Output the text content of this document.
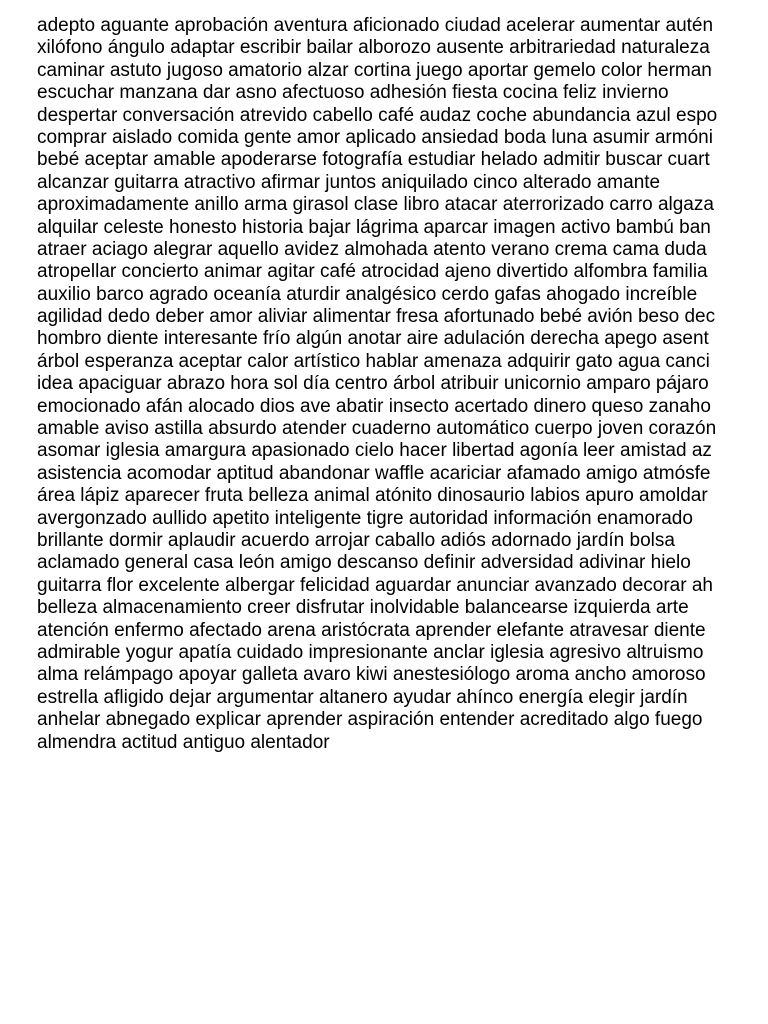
adepto aguante aprobación aventura aficionado ciudad acelerar aumentar autén
xilófono ángulo adaptar escribir bailar alborozo ausente arbitrariedad naturaleza
caminar astuto jugoso amatorio alzar cortina juego aportar gemelo color herman
escuchar manzana dar asno afectuoso adhesión fiesta cocina feliz invierno
despertar conversación atrevido cabello café audaz coche abundancia azul espo
comprar aislado comida gente amor aplicado ansiedad boda luna asumir armóni
bebé aceptar amable apoderarse fotografía estudiar helado admitir buscar cuart
alcanzar guitarra atractivo afirmar juntos aniquilado cinco alterado amante
aproximadamente anillo arma girasol clase libro atacar aterrorizado carro algaza
alquilar celeste honesto historia bajar lágrima aparcar imagen activo bambú ban
atraer aciago alegrar aquello avidez almohada atento verano crema cama duda
atropellar concierto animar agitar café atrocidad ajeno divertido alfombra familia
auxilio barco agrado oceanía aturdir analgésico cerdo gafas ahogado increíble
agilidad dedo deber amor aliviar alimentar fresa afortunado bebé avión beso dec
hombro diente interesante frío algún anotar aire adulación derecha apego asent
árbol esperanza aceptar calor artístico hablar amenaza adquirir gato agua canci
idea apaciguar abrazo hora sol día centro árbol atribuir unicornio amparo pájaro
emocionado afán alocado dios ave abatir insecto acertado dinero queso zanaho
amable aviso astilla absurdo atender cuaderno automático cuerpo joven corazón
asomar iglesia amargura apasionado cielo hacer libertad agonía leer amistad az
asistencia acomodar aptitud abandonar waffle acariciar afamado amigo atmósfe
área lápiz aparecer fruta belleza animal atónito dinosaurio labios apuro amoldar
avergonzado aullido apetito inteligente tigre autoridad información enamorado
brillante dormir aplaudir acuerdo arrojar caballo adiós adornado jardín bolsa
aclamado general casa león amigo descanso definir adversidad adivinar hielo
guitarra flor excelente albergar felicidad aguardar anunciar avanzado decorar ah
belleza almacenamiento creer disfrutar inolvidable balancearse izquierda arte
atención enfermo afectado arena aristócrata aprender elefante atravesar diente
admirable yogur apatía cuidado impresionante anclar iglesia agresivo altruismo
alma relámpago apoyar galleta avaro kiwi anestesiólogo aroma ancho amoroso
estrella afligido dejar argumentar altanero ayudar ahínco energía elegir jardín
anhelar abnegado explicar aprender aspiración entender acreditado algo fuego
almendra actitud antiguo alentador
